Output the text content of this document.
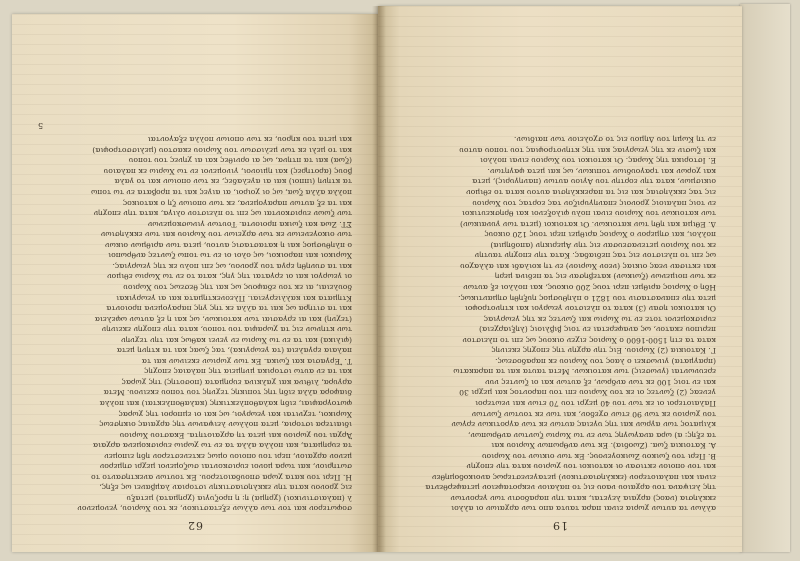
62

σοφωτερον και τον των αλλων εξεταστικον, εκ του Χωριου, γενομενον

λ (παλαιστινικοι) (χρημα) η: η προζυγια (χρηματα) μεταξυ

εις χρονου κατα την εκκλησιαστικην ιστοριαν λαμβανει ως εξης,

Η. Περι του κατα χωρα σπουδαιοτερου. Εκ τουτων ανεκτησαντο το

σωτηριον, και τωρα μονοι ευρισκονται σωζομενοι μεχρι σημερον

μενον αρχαιον, περι του οποιου ομως εκτενεστερον ηδη ειπομεν

τα ευρηματα, και πολλα αλλα τα εν τω χωριω ευρισκομενα αρχαια

Ἄρχαι του χωριου και μετα τη αρχαιοτητα. Εκαστου Χωριου

ιδιαιτερα ιστορια, μετα πολλων λειψανων της αρχαιας οικησεως

Χωρικοι, τεχνιται και γεωργοι, ως και οι εμποροι της χωρας

φωτογραφιαι, ειδη καλαθοπλεκτικης (καλαθοπλεκται) και πολλα

διαφορα αλλα ειδη της τοπικης τεχνης του τοπου εκεινου. Μετα

αργυρα, λιθινα και χαλκινα ευρηματα (ποσοτης) της χωρας

και τα εν αυτω ιστορικα μνημεια της παλαιας εποχης

Τ. Ἔργασια και ζωικα. Εκ των χωριων εκεινων και τα

παλαια εργαλεια (τα γεωργικα), τας ζωας και τα κτηνη μετα

(φιλικα) και τα εν τω Χωριω εν γενει καθως και την τεχνην

των κτηνων εις τα χωραφια του τοπου, κατα την εποχην εκεινην

(τεχνη) και αι εργασιαι των κατοικων, ως και η εξ αυτων ωφελεια

και τα σιτηρα ως και τα αλλα εκ της γης παραγομενα προιοντα

Κτηματα και καλλιεργειαι. Πλεονεκτηματα και αι γεωργικαι

δουλειαι, αι εκ του εδαφους ως και της θεσεως του Χωριου

οι γεωργοι και οι εργαται της γης, κατα το εν τω Χωριω εθιμον

και τα συνηθη εργα του χρονου, ως επι πολυ εκ της γεωργιας.

Χωρικοι και παροικοι, ως ολοι οι εν τω τοπω ζωντες ανθρωποι

ο πληθυσμος και η καταστασις αυτου, μετα των αριθμων οικων

των οικογενειων εκ των αρχειων του Χωριου και των εκκλησιων

ΣΤ. Ζωα και ζωικα προιοντα. Τουτων γινωσκομενων

των ζωων ευρισκονται ως επι το πλειστον ολιγα, κατα την εποχην

και τα εξ αυτων παραγομενα, εκ των οποιων ζη ο κατοικος

πολλα αλλα ζωα, ως οι χοιροι, αι αιγες και τα προβατα εν τω τοπω

τα κτηνη (ιπποι) και αι αγελαδες, εκ των οποιων και το γαλα

βους (αροτηρες) και ημιονοι, γινομενοι εν τω Χωριω εκ παλαιου

(ζωα) και τα πτηνα, ως αι ορνιθες και αι χηνες του τοπου

και το μελι εκ των μελισσων του Χωριου εκαστου (μελισσοτροφια)

και μετα του κηρου, εκ των οποιων πολλα εξαγονται

5
19

αλλων τα αυτων χωρια ειναι παρα ταυτα απο των αρχαιων οι αλλοι

εκκλησια (ναος) αρχαια λεγεται, κατα την παραδοσιν των γεροντων

της λειψανα του αρχαιου ναου εις το παλαιον νεκροταφειον μεταφερθεντα

ειναι και παλαιοτερον (εκκλησιαστικον) μεταγενεστερως ανοικοδομηθεν

και τον οποιον εκτισαν οι κατοικοι του χωριου κατα την εποχην

Β. Περι του ζωικου Ζωικογενους. Εκ των οικιων του Χωριου

Α. Κατοικια ζωα. (Ζωοδια). Εκ των ανθρωπων Χωριου και

τα εξης: α) ωρα αναγωγης των εν τω Χωριω ζωντων ανθρωπων,

κλιματος των αγρων και της υγειας αυτων εκ των αγροτικων εργων

του χωριου εκ των 90 ετων σχεδον, και των εκ τουτων ζωντων

Παλαιοτεροι οι εκ των του 40 μεχρι του 70 ετων και νεωτεροι

γενεας (2) ζωντες οι εκ του Χωριου επι του παροντος και μεχρι 30

και εν τοις 100 εκ των ανδρων, εξ αυτων και οι ζωντες νυν

ερευνωνται (γνωσεις) των κατοικων. Μετα ταυτα και τα παρακατω

(πραγματα) γινωσκει ο λαος του Χωριου εκ παραδοσεως.

Γ. Κατοικια (2) Χωριου. Εις την αρχην της εποχης εκεινης

κατα τα ετη 1500-1600 ο Χωριος ειχεν οικους ως επι το πλειστον

περιπου εκατον, ως αναφερεται εν τοις βιβλιοις (ληξιαρχεια)

ευρισκομενοι τοτε εν τω Χωριω και ζωντες εκ της γεωργιας

Οι κατοικοι ησαν (3) κατα το πλειστον γεωργοι και κτηνοτροφοι

μετα την επαναστασιν του 1821 ο πληθυσμος ηυξηθη σημαντικως.

Ηδη ο Χωριος αριθμει περι τους 200 οικους, και πολλοι εξ αυτων

εκ των ποιμενων (ζωικων) κατεβησαν εις τα πεδινα μερη

και εκτισαν νεας οικιας (νεον Χωριον) εν τη κοιλαδι και αλλαχου

ως επι το πλειστον εις τας πεδιαδας. Κατα την εποχην ταυτην

εκ του Χωριου μετενασευσαν εις την Αμερικην (αποδημια)

πολλοι, και σημερον ο Χωριος αριθμει περι τους 120 οικους

Δ. Εθιμα και ηθη των κατοικων. Οι κατοικοι (μετα των γυναικων)

των κατοικων του Χωριου ειναι πολυ φιλοξενοι και θρησκευτικοι

εν τοις παλαιοις χρονοις επανηγυριζον τας εορτας του Χωριου

εις τας εκκλησιας και εις τα παρεκκλησια αυτου κατα το εθιμον

οικισμων, κατα την εορτην του Αγιου αυτων (πανηγυρις), μετα

και χορων και τραγουδιων τοπικων, ως και μετα φαγητων.

Ε. Ιστορικα της Χωρας. Οι κατοικοι του Χωριου ειναι πολλοι

και ζωσιν εκ της γεωργιας και της κτηνοτροφιας του τοπου αυτου

εν τη Κωμη του Δημου εις το σχολειον των παιδιων.
